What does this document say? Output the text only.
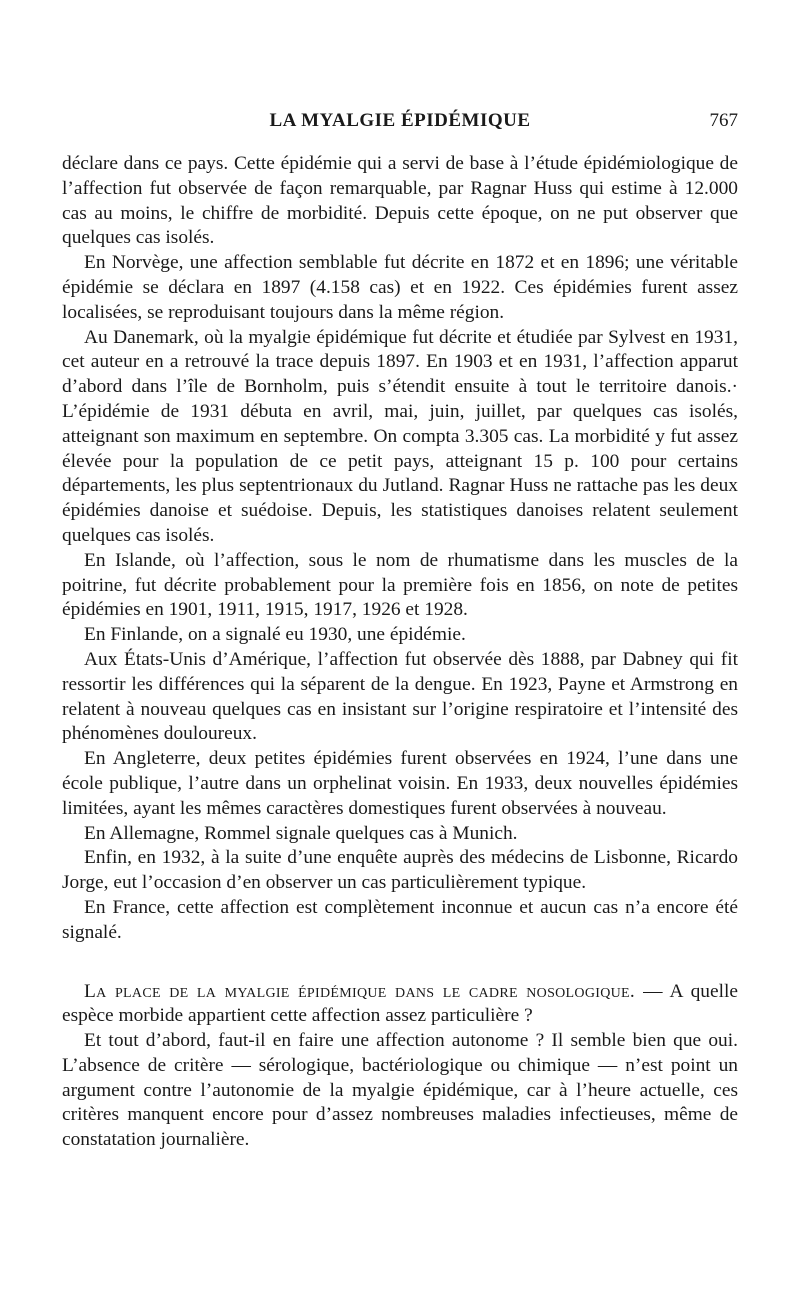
LA MYALGIE ÉPIDÉMIQUE	767

déclare dans ce pays. Cette épidémie qui a servi de base à l’étude épidémiologique de l’affection fut observée de façon remarquable, par Ragnar Huss qui estime à 12.000 cas au moins, le chiffre de morbidité. Depuis cette époque, on ne put observer que quelques cas isolés.

En Norvège, une affection semblable fut décrite en 1872 et en 1896; une véritable épidémie se déclara en 1897 (4.158 cas) et en 1922. Ces épidémies furent assez localisées, se reproduisant toujours dans la même région.

Au Danemark, où la myalgie épidémique fut décrite et étudiée par Sylvest en 1931, cet auteur en a retrouvé la trace depuis 1897. En 1903 et en 1931, l’affection apparut d’abord dans l’île de Bornholm, puis s’étendit ensuite à tout le territoire danois.· L’épidémie de 1931 débuta en avril, mai, juin, juillet, par quelques cas isolés, atteignant son maximum en septembre. On compta 3.305 cas. La morbidité y fut assez élevée pour la population de ce petit pays, atteignant 15 p. 100 pour certains départements, les plus septentrionaux du Jutland. Ragnar Huss ne rattache pas les deux épidémies danoise et suédoise. Depuis, les statistiques danoises relatent seulement quelques cas isolés.

En Islande, où l’affection, sous le nom de rhumatisme dans les muscles de la poitrine, fut décrite probablement pour la première fois en 1856, on note de petites épidémies en 1901, 1911, 1915, 1917, 1926 et 1928.

En Finlande, on a signalé eu 1930, une épidémie.

Aux États-Unis d’Amérique, l’affection fut observée dès 1888, par Dabney qui fit ressortir les différences qui la séparent de la dengue. En 1923, Payne et Armstrong en relatent à nouveau quelques cas en insistant sur l’origine respiratoire et l’intensité des phénomènes douloureux.

En Angleterre, deux petites épidémies furent observées en 1924, l’une dans une école publique, l’autre dans un orphelinat voisin. En 1933, deux nouvelles épidémies limitées, ayant les mêmes caractères domestiques furent observées à nouveau.

En Allemagne, Rommel signale quelques cas à Munich.

Enfin, en 1932, à la suite d’une enquête auprès des médecins de Lisbonne, Ricardo Jorge, eut l’occasion d’en observer un cas particulièrement typique.

En France, cette affection est complètement inconnue et aucun cas n’a encore été signalé.

La place de la myalgie épidémique dans le cadre nosologique. — A quelle espèce morbide appartient cette affection assez particulière ?

Et tout d’abord, faut-il en faire une affection autonome ? Il semble bien que oui. L’absence de critère — sérologique, bactériologique ou chimique — n’est point un argument contre l’autonomie de la myalgie épidémique, car à l’heure actuelle, ces critères manquent encore pour d’assez nombreuses maladies infectieuses, même de constatation journalière.
